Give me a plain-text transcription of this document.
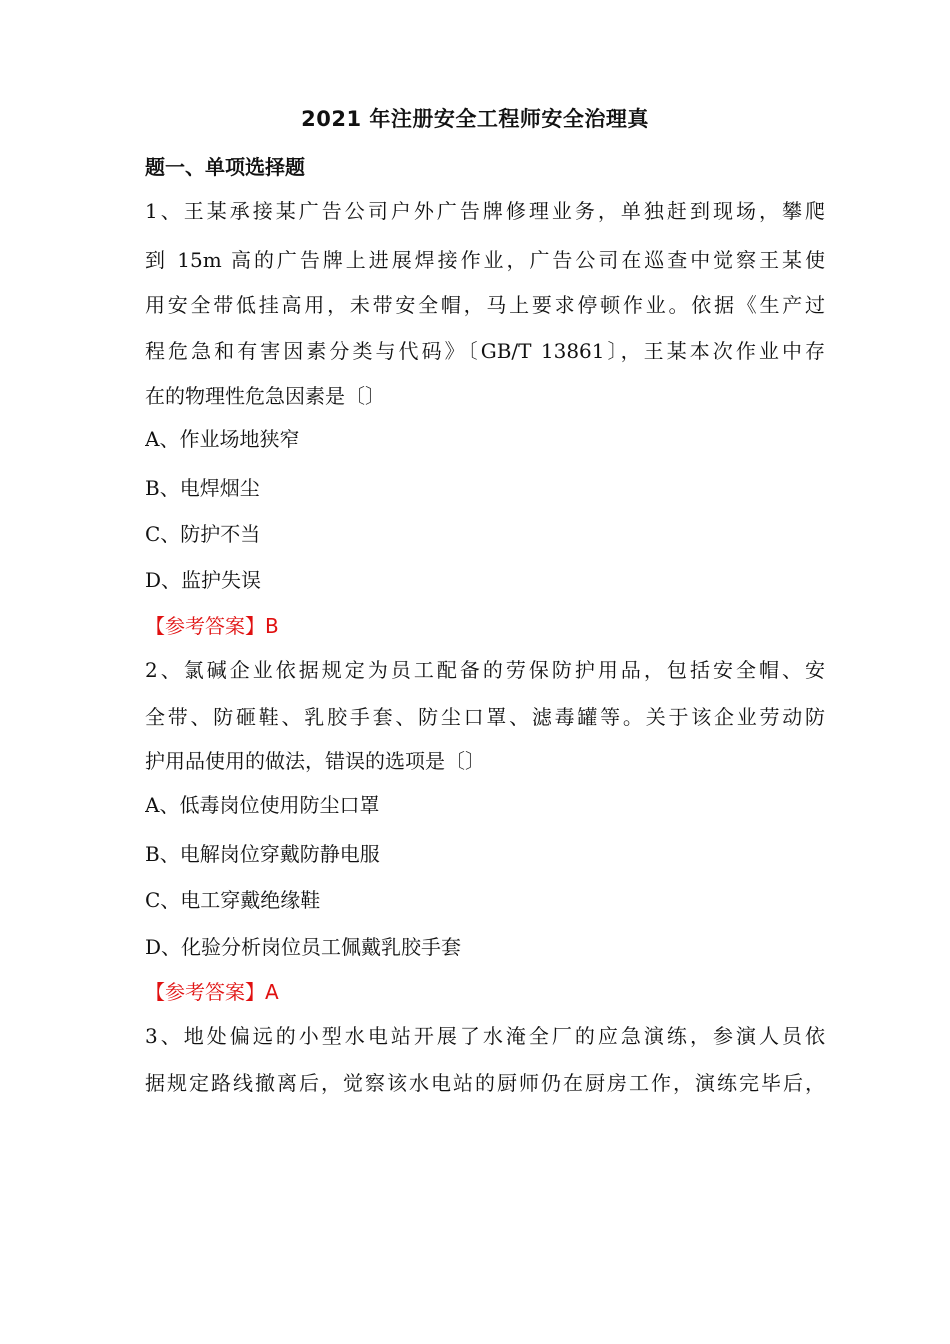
2021 年注册安全工程师安全治理真
题一、单项选择题
1、王某承接某广告公司户外广告牌修理业务，单独赶到现场，攀爬
到 15m 高的广告牌上进展焊接作业，广告公司在巡查中觉察王某使
用安全带低挂高用，未带安全帽，马上要求停顿作业。依据《生产过
程危急和有害因素分类与代码》〔GB/T 13861〕，王某本次作业中存
在的物理性危急因素是〔〕
A、作业场地狭窄
B、电焊烟尘
C、防护不当
D、监护失误
【参考答案】B
2、氯碱企业依据规定为员工配备的劳保防护用品，包括安全帽、安
全带、防砸鞋、乳胶手套、防尘口罩、滤毒罐等。关于该企业劳动防
护用品使用的做法，错误的选项是〔〕
A、低毒岗位使用防尘口罩
B、电解岗位穿戴防静电服
C、电工穿戴绝缘鞋
D、化验分析岗位员工佩戴乳胶手套
【参考答案】A
3、地处偏远的小型水电站开展了水淹全厂的应急演练，参演人员依
据规定路线撤离后，觉察该水电站的厨师仍在厨房工作，演练完毕后，
